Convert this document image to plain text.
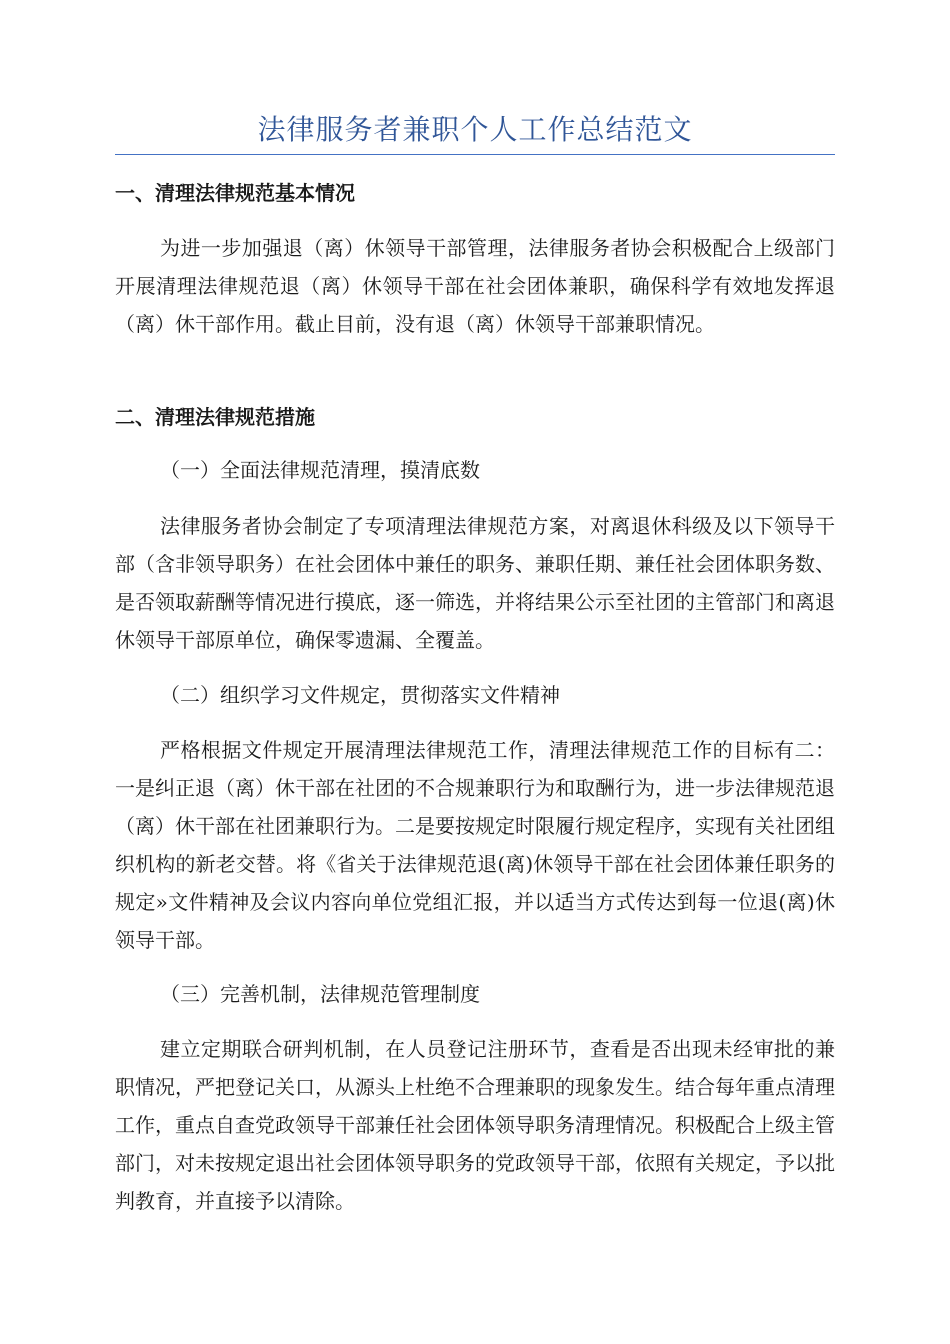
法律服务者兼职个人工作总结范文
一、清理法律规范基本情况
为进一步加强退（离）休领导干部管理，法律服务者协会积极配合上级部门开展清理法律规范退（离）休领导干部在社会团体兼职，确保科学有效地发挥退（离）休干部作用。截止目前，没有退（离）休领导干部兼职情况。
二、清理法律规范措施
（一）全面法律规范清理，摸清底数
法律服务者协会制定了专项清理法律规范方案，对离退休科级及以下领导干部（含非领导职务）在社会团体中兼任的职务、兼职任期、兼任社会团体职务数、是否领取薪酬等情况进行摸底，逐一筛选，并将结果公示至社团的主管部门和离退休领导干部原单位，确保零遗漏、全覆盖。
（二）组织学习文件规定，贯彻落实文件精神
严格根据文件规定开展清理法律规范工作，清理法律规范工作的目标有二：一是纠正退（离）休干部在社团的不合规兼职行为和取酬行为，进一步法律规范退（离）休干部在社团兼职行为。二是要按规定时限履行规定程序，实现有关社团组织机构的新老交替。将《省关于法律规范退(离)休领导干部在社会团体兼任职务的规定»文件精神及会议内容向单位党组汇报，并以适当方式传达到每一位退(离)休领导干部。
（三）完善机制，法律规范管理制度
建立定期联合研判机制，在人员登记注册环节，查看是否出现未经审批的兼职情况，严把登记关口，从源头上杜绝不合理兼职的现象发生。结合每年重点清理工作，重点自查党政领导干部兼任社会团体领导职务清理情况。积极配合上级主管部门，对未按规定退出社会团体领导职务的党政领导干部，依照有关规定，予以批判教育，并直接予以清除。
